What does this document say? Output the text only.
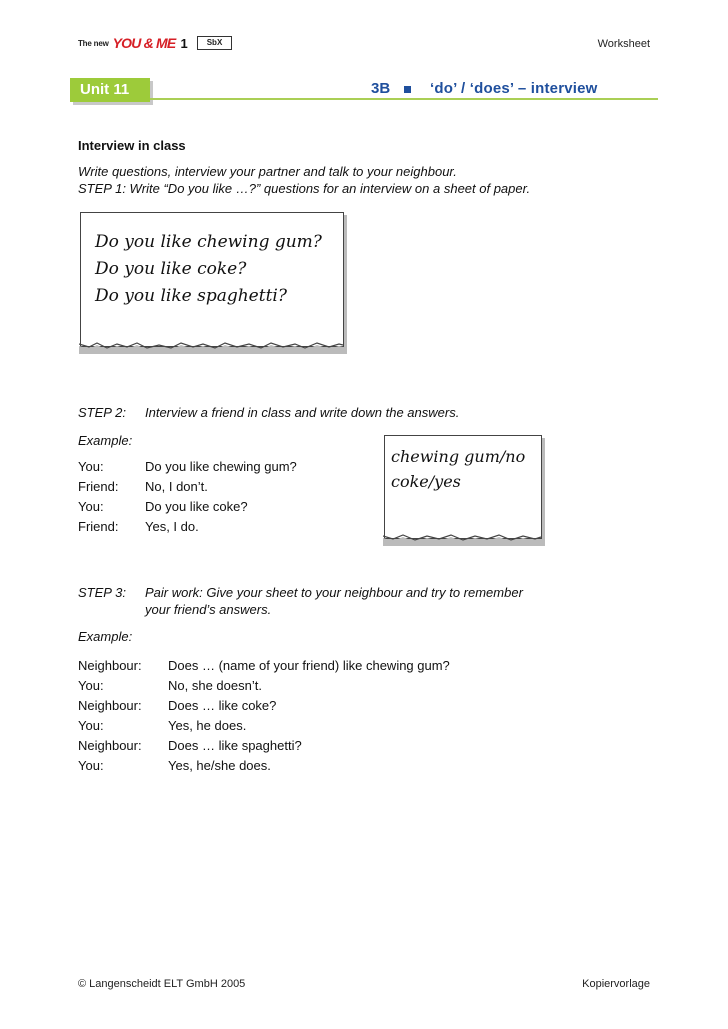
The new YOU & ME 1	SbX	Worksheet
Unit 11	3B	‘do’ / ‘does’ – interview
Interview in class
Write questions, interview your partner and talk to your neighbour.
STEP 1: Write “Do you like …?” questions for an interview on a sheet of paper.
Do you like chewing gum?
Do you like coke?
Do you like spaghetti?
STEP 2: Interview a friend in class and write down the answers.
Example:
You:	Do you like chewing gum?
Friend: No, I don’t.
You:	Do you like coke?
Friend: Yes, I do.
chewing gum/no
coke/yes
STEP 3: Pair work: Give your sheet to your neighbour and try to remember
your friend’s answers.
Example:
Neighbour: Does … (name of your friend) like chewing gum?
You:	No, she doesn’t.
Neighbour: Does … like coke?
You:	Yes, he does.
Neighbour: Does … like spaghetti?
You:	Yes, he/she does.
© Langenscheidt ELT GmbH 2005	Kopiervorlage
